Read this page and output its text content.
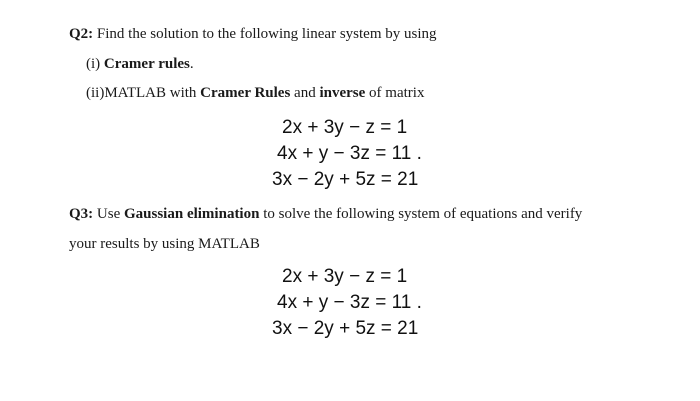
Q2: Find the solution to the following linear system by using
(i) Cramer rules.
(ii)MATLAB with Cramer Rules and inverse of matrix
2x + 3y − z = 1
4x + y − 3z = 11 .
3x − 2y + 5z = 21
Q3: Use Gaussian elimination to solve the following system of equations and verify
your results by using MATLAB
2x + 3y − z = 1
4x + y − 3z = 11 .
3x − 2y + 5z = 21
